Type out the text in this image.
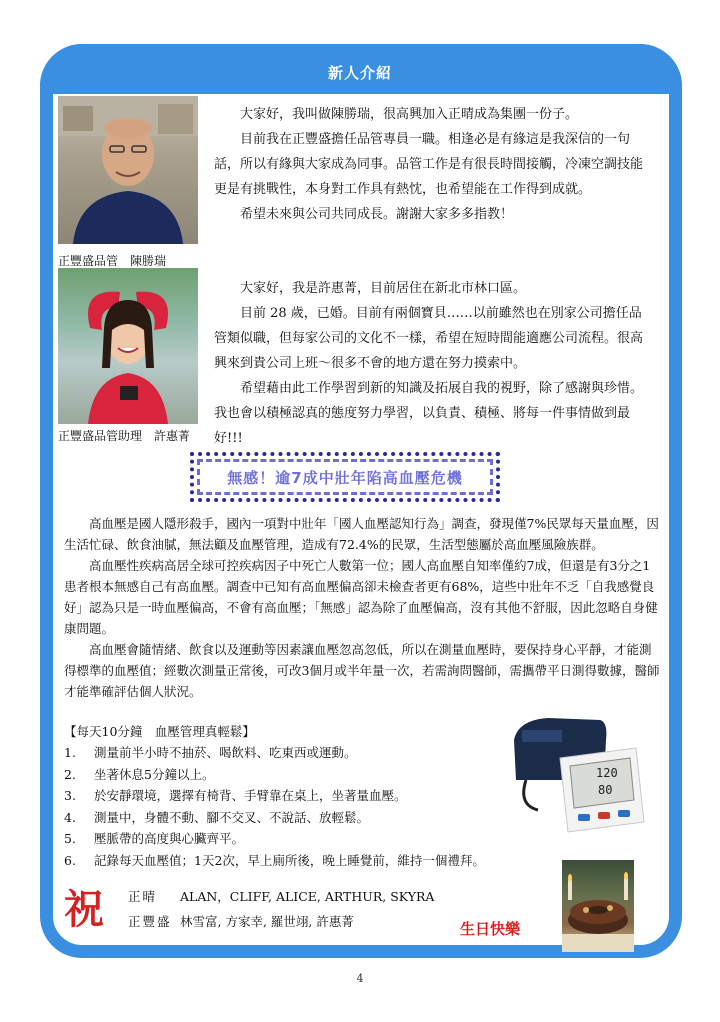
新人介紹
正豐盛品管　陳勝瑞

大家好，我叫做陳勝瑞，很高興加入正晴成為集團一份子。

目前我在正豐盛擔任品管專員一職。相逢必是有緣這是我深信的一句話，所以有緣與大家成為同事。品管工作是有很長時間接觸，冷凍空調技能更是有挑戰性，本身對工作具有熱忱，也希望能在工作得到成就。

希望未來與公司共同成長。謝謝大家多多指教！

正豐盛品管助理　許惠菁

大家好，我是許惠菁，目前居住在新北市林口區。

目前 28 歲，已婚。目前有兩個寶貝……以前雖然也在別家公司擔任品管類似職，但每家公司的文化不一樣，希望在短時間能適應公司流程。很高興來到貴公司上班～很多不會的地方還在努力摸索中。

希望藉由此工作學習到新的知識及拓展自我的視野，除了感謝與珍惜。我也會以積極認真的態度努力學習，以負責、積極、將每一件事情做到最好!!!

無感！逾7成中壯年陷高血壓危機

高血壓是國人隱形殺手，國內一項對中壯年「國人血壓認知行為」調查，發現僅7%民眾每天量血壓，因生活忙碌、飲食油膩，無法顧及血壓管理，造成有72.4%的民眾，生活型態屬於高血壓風險族群。

高血壓性疾病高居全球可控疾病因子中死亡人數第一位；國人高血壓自知率僅約7成，但還是有3分之1患者根本無感自己有高血壓。調查中已知有高血壓偏高卻未檢查者更有68%，這些中壯年不乏「自我感覺良好」認為只是一時血壓偏高，不會有高血壓；「無感」認為除了血壓偏高，沒有其他不舒服，因此忽略自身健康問題。

高血壓會隨情緒、飲食以及運動等因素讓血壓忽高忽低，所以在測量血壓時，要保持身心平靜，才能測得標準的血壓值；經數次測量正常後，可改3個月或半年量一次，若需詢問醫師，需攜帶平日測得數據，醫師才能準確評估個人狀況。

【每天10分鐘　血壓管理真輕鬆】
1.	測量前半小時不抽菸、喝飲料、吃東西或運動。
2.	坐著休息5分鐘以上。
3.	於安靜環境，選擇有椅背、手臂靠在桌上，坐著量血壓。
4.	測量中，身體不動、腳不交叉、不說話、放輕鬆。
5.	壓脈帶的高度與心臟齊平。
6.	記錄每天血壓值；1天2次，早上廁所後，晚上睡覺前，維持一個禮拜。
120
80
祝 正晴	ALAN，CLIFF, ALICE, ARTHUR, SKYRA
正豐盛 林雪富, 方家幸, 羅世翊, 許惠菁	生日快樂
4
